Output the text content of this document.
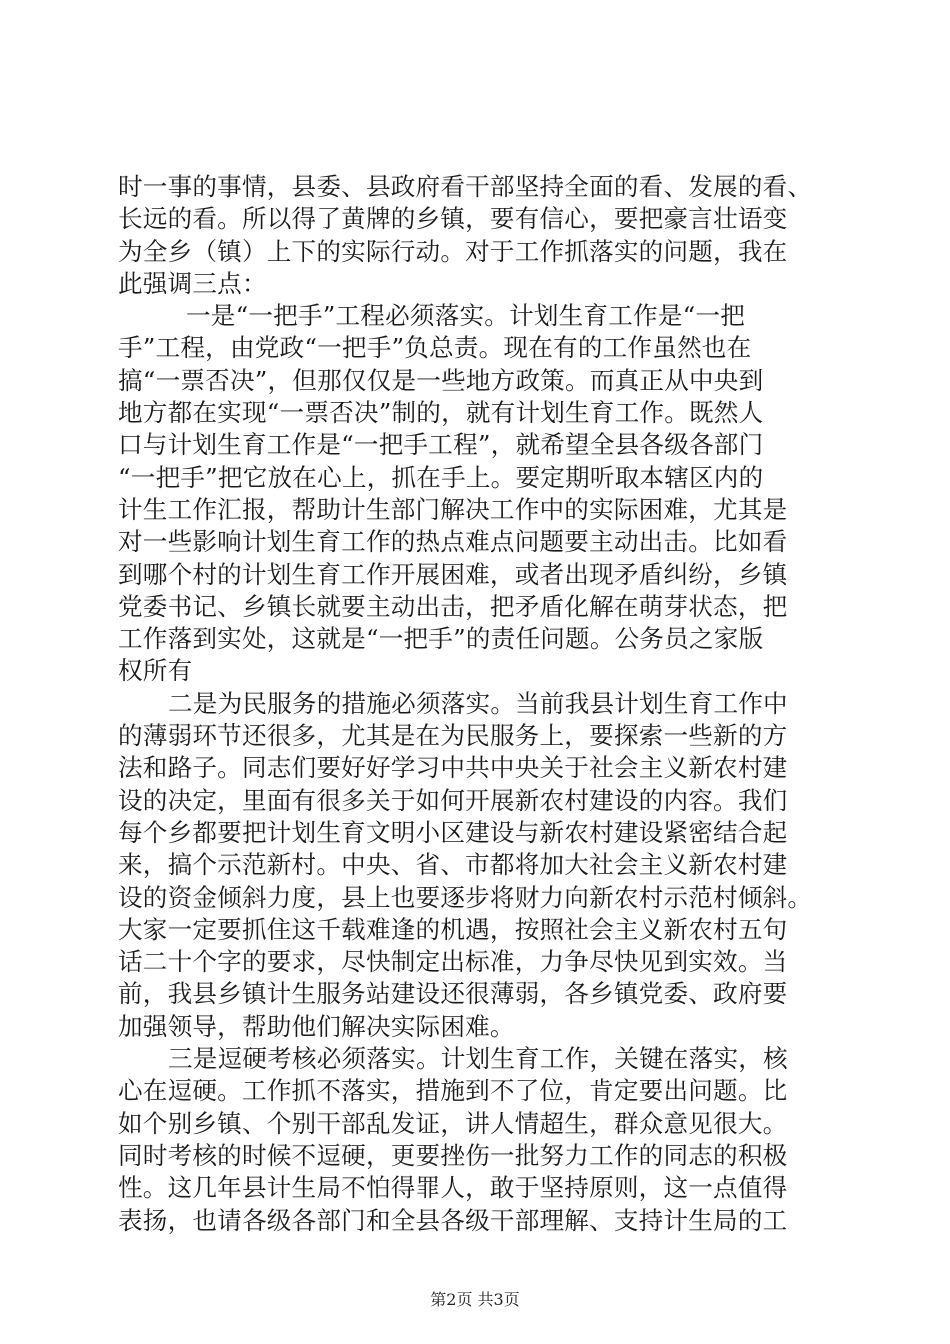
时一事的事情，县委、县政府看干部坚持全面的看、发展的看、
长远的看。所以得了黄牌的乡镇，要有信心，要把豪言壮语变
为全乡（镇）上下的实际行动。对于工作抓落实的问题，我在
此强调三点：
一是“一把手”工程必须落实。计划生育工作是“一把
手”工程，由党政“一把手”负总责。现在有的工作虽然也在
搞“一票否决”，但那仅仅是一些地方政策。而真正从中央到
地方都在实现“一票否决”制的，就有计划生育工作。既然人
口与计划生育工作是“一把手工程”，就希望全县各级各部门
“一把手”把它放在心上，抓在手上。要定期听取本辖区内的
计生工作汇报，帮助计生部门解决工作中的实际困难，尤其是
对一些影响计划生育工作的热点难点问题要主动出击。比如看
到哪个村的计划生育工作开展困难，或者出现矛盾纠纷，乡镇
党委书记、乡镇长就要主动出击，把矛盾化解在萌芽状态，把
工作落到实处，这就是“一把手”的责任问题。公务员之家版
权所有
二是为民服务的措施必须落实。当前我县计划生育工作中
的薄弱环节还很多，尤其是在为民服务上，要探索一些新的方
法和路子。同志们要好好学习中共中央关于社会主义新农村建
设的决定，里面有很多关于如何开展新农村建设的内容。我们
每个乡都要把计划生育文明小区建设与新农村建设紧密结合起
来，搞个示范新村。中央、省、市都将加大社会主义新农村建
设的资金倾斜力度，县上也要逐步将财力向新农村示范村倾斜。
大家一定要抓住这千载难逢的机遇，按照社会主义新农村五句
话二十个字的要求，尽快制定出标准，力争尽快见到实效。当
前，我县乡镇计生服务站建设还很薄弱，各乡镇党委、政府要
加强领导，帮助他们解决实际困难。
三是逗硬考核必须落实。计划生育工作，关键在落实，核
心在逗硬。工作抓不落实，措施到不了位，肯定要出问题。比
如个别乡镇、个别干部乱发证，讲人情超生，群众意见很大。
同时考核的时候不逗硬，更要挫伤一批努力工作的同志的积极
性。这几年县计生局不怕得罪人，敢于坚持原则，这一点值得
表扬，也请各级各部门和全县各级干部理解、支持计生局的工
第2页 共3页
